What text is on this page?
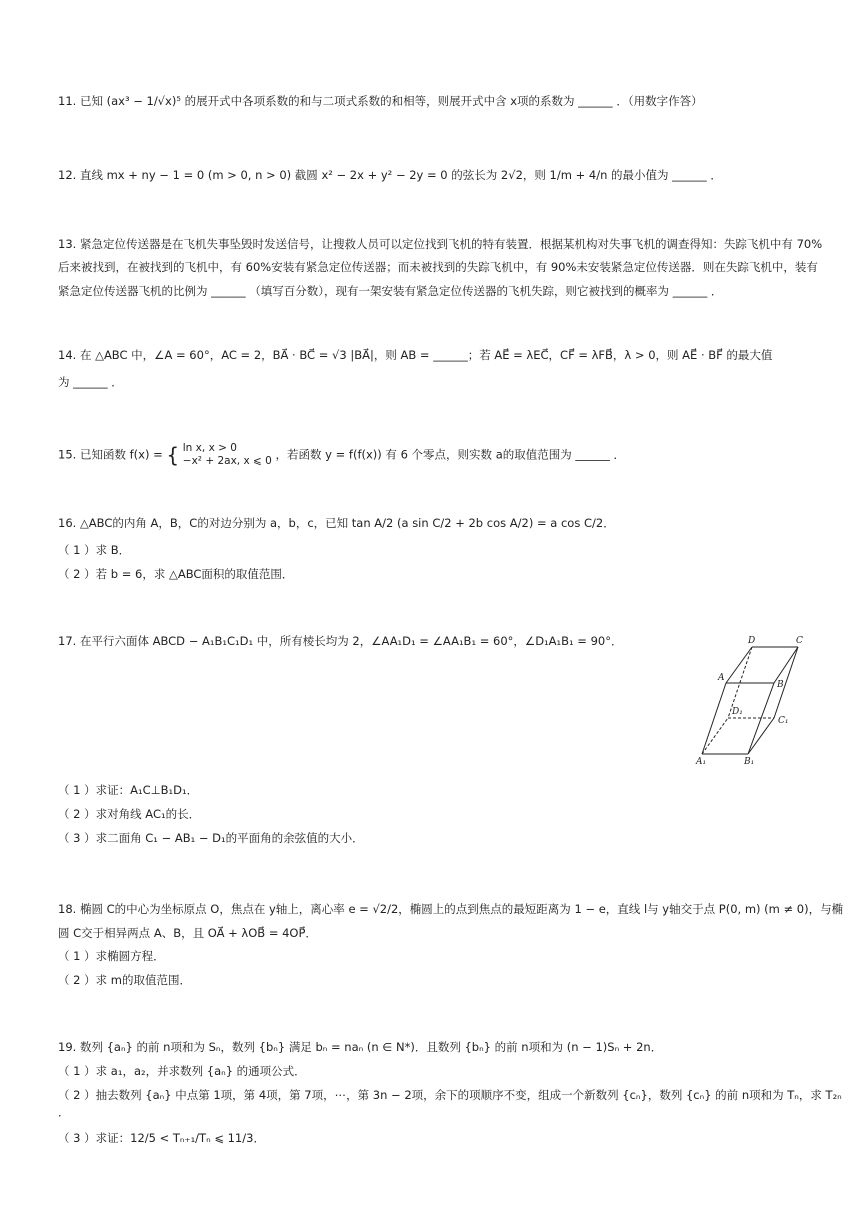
11. 已知 (ax³ − 1/√x)⁵ 的展开式中各项系数的和与二项式系数的和相等，则展开式中含 x项的系数为 ______ ．（用数字作答）
12. 直线 mx + ny − 1 = 0 (m > 0, n > 0) 截圆 x² − 2x + y² − 2y = 0 的弦长为 2√2，则 1/m + 4/n 的最小值为 ______ ．
13. 紧急定位传送器是在飞机失事坠毁时发送信号，让搜救人员可以定位找到飞机的特有装置．根据某机构对失事飞机的调查得知：失踪飞机中有 70%
后来被找到，在被找到的飞机中，有 60%安装有紧急定位传送器；而未被找到的失踪飞机中，有 90%未安装紧急定位传送器．则在失踪飞机中，装有
紧急定位传送器飞机的比例为 ______ （填写百分数），现有一架安装有紧急定位传送器的飞机失踪，则它被找到的概率为 ______ ．
14. 在 △ABC 中，∠A = 60°，AC = 2，BA⃗ · BC⃗ = √3 |BA⃗|，则 AB = ______；若 AE⃗ = λEC⃗，CF⃗ = λFB⃗，λ > 0，则 AE⃗ · BF⃗ 的最大值
为 ______ ．
15. 已知函数 f(x) = { ln x, x > 0
−x² + 2ax, x ⩽ 0 ，若函数 y = f(f(x)) 有 6 个零点，则实数 a的取值范围为 ______ ．
16. △ABC的内角 A，B，C的对边分别为 a，b，c，已知 tan A/2 (a sin C/2 + 2b cos A/2) = a cos C/2．
（ 1 ）求 B．
（ 2 ）若 b = 6，求 △ABC面积的取值范围．
17. 在平行六面体 ABCD − A₁B₁C₁D₁ 中，所有棱长均为 2，∠AA₁D₁ = ∠AA₁B₁ = 60°，∠D₁A₁B₁ = 90°．	D	C
A
B
D₁
C₁
A₁	B₁
（ 1 ）求证：A₁C⊥B₁D₁．
（ 2 ）求对角线 AC₁的长．
（ 3 ）求二面角 C₁ − AB₁ − D₁的平面角的余弦值的大小．
18. 椭圆 C的中心为坐标原点 O，焦点在 y轴上，离心率 e = √2/2，椭圆上的点到焦点的最短距离为 1 − e，直线 l与 y轴交于点 P(0, m) (m ≠ 0)，与椭
圆 C交于相异两点 A、B，且 OA⃗ + λOB⃗ = 4OP⃗．
（ 1 ）求椭圆方程．
（ 2 ）求 m的取值范围．
19. 数列 {aₙ} 的前 n项和为 Sₙ，数列 {bₙ} 满足 bₙ = naₙ (n ∈ N*)．且数列 {bₙ} 的前 n项和为 (n − 1)Sₙ + 2n．
（ 1 ）求 a₁，a₂，并求数列 {aₙ} 的通项公式．
（ 2 ）抽去数列 {aₙ} 中点第 1项，第 4项，第 7项，⋯，第 3n − 2项，余下的项顺序不变，组成一个新数列 {cₙ}，数列 {cₙ} 的前 n项和为 Tₙ，求 T₂ₙ
．
（ 3 ）求证：12/5 < Tₙ₊₁/Tₙ ⩽ 11/3．
